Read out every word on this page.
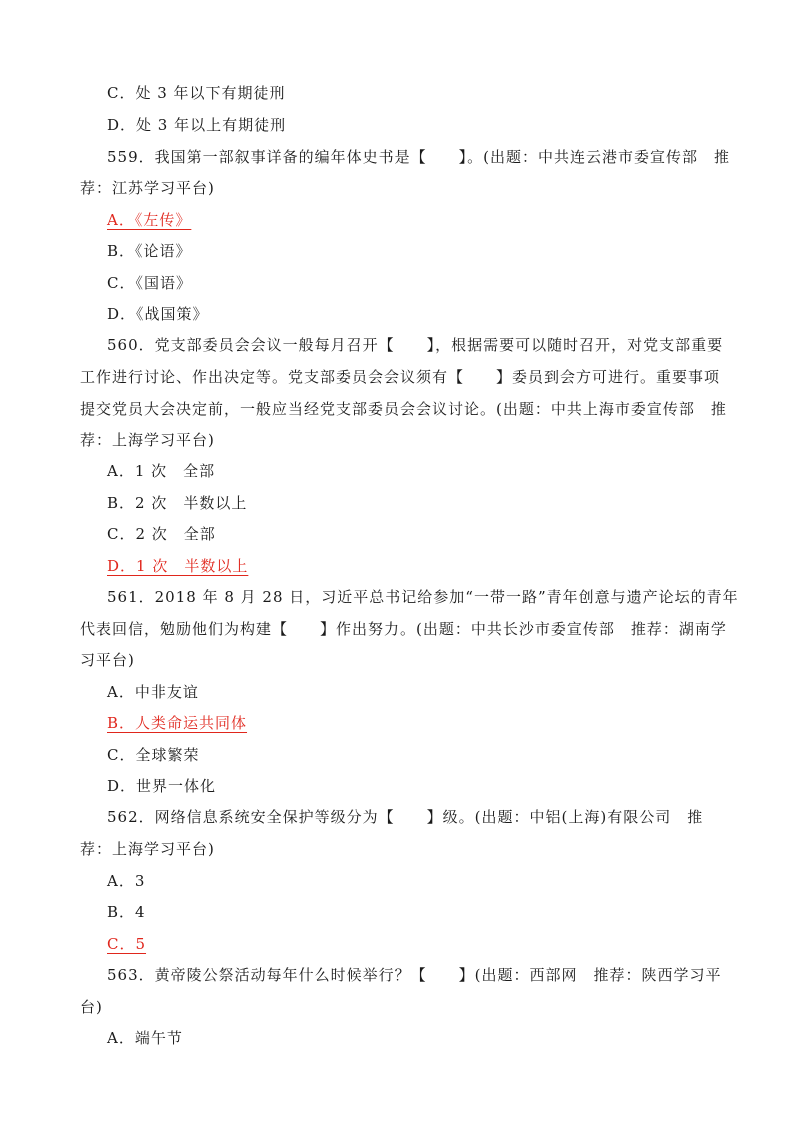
C．处 3 年以下有期徒刑
D．处 3 年以上有期徒刑
559．我国第一部叙事详备的编年体史书是【　　】。(出题：中共连云港市委宣传部　推
荐：江苏学习平台)
A．《左传》
B．《论语》
C．《国语》
D．《战国策》
560．党支部委员会会议一般每月召开【　　】，根据需要可以随时召开，对党支部重要
工作进行讨论、作出决定等。党支部委员会会议须有【　　】委员到会方可进行。重要事项
提交党员大会决定前，一般应当经党支部委员会会议讨论。(出题：中共上海市委宣传部　推
荐：上海学习平台)
A．1 次　全部
B．2 次　半数以上
C．2 次　全部
D．1 次　半数以上
561．2018 年 8 月 28 日，习近平总书记给参加“一带一路”青年创意与遗产论坛的青年
代表回信，勉励他们为构建【　　】作出努力。(出题：中共长沙市委宣传部　推荐：湖南学
习平台)
A．中非友谊
B．人类命运共同体
C．全球繁荣
D．世界一体化
562．网络信息系统安全保护等级分为【　　】级。(出题：中铝(上海)有限公司　推
荐：上海学习平台)
A．3
B．4
C．5
563．黄帝陵公祭活动每年什么时候举行？【　　】(出题：西部网　推荐：陕西学习平
台)
A．端午节
